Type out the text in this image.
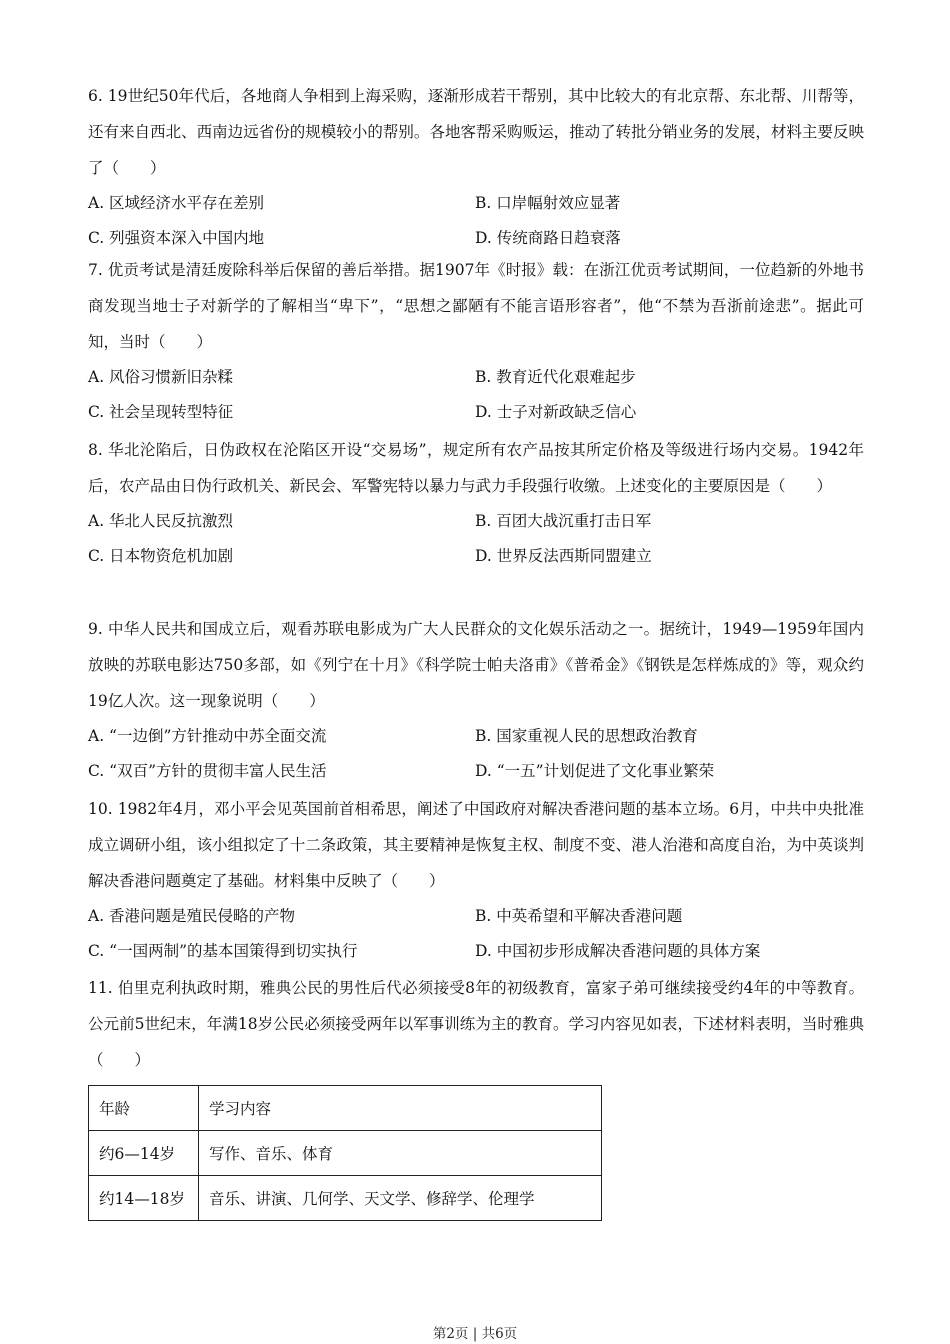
6. 19世纪50年代后，各地商人争相到上海采购，逐渐形成若干帮别，其中比较大的有北京帮、东北帮、川帮等，还有来自西北、西南边远省份的规模较小的帮别。各地客帮采购贩运，推动了转批分销业务的发展，材料主要反映了（　　）

A. 区域经济水平存在差别	B. 口岸幅射效应显著
C. 列强资本深入中国内地	D. 传统商路日趋衰落

7. 优贡考试是清廷废除科举后保留的善后举措。据1907年《时报》载：在浙江优贡考试期间，一位趋新的外地书商发现当地士子对新学的了解相当“卑下”，“思想之鄙陋有不能言语形容者”，他“不禁为吾浙前途悲”。据此可知，当时（　　）

A. 风俗习惯新旧杂糅	B. 教育近代化艰难起步
C. 社会呈现转型特征	D. 士子对新政缺乏信心

8. 华北沦陷后，日伪政权在沦陷区开设“交易场”，规定所有农产品按其所定价格及等级进行场内交易。1942年后，农产品由日伪行政机关、新民会、军警宪特以暴力与武力手段强行收缴。上述变化的主要原因是（　　）

A. 华北人民反抗激烈	B. 百团大战沉重打击日军
C. 日本物资危机加剧	D. 世界反法西斯同盟建立

9. 中华人民共和国成立后，观看苏联电影成为广大人民群众的文化娱乐活动之一。据统计，1949—1959年国内放映的苏联电影达750多部，如《列宁在十月》《科学院士帕夫洛甫》《普希金》《钢铁是怎样炼成的》等，观众约19亿人次。这一现象说明（　　）

A. “一边倒”方针推动中苏全面交流	B. 国家重视人民的思想政治教育
C. “双百”方针的贯彻丰富人民生活	D. “一五”计划促进了文化事业繁荣

10. 1982年4月，邓小平会见英国前首相希思，阐述了中国政府对解决香港问题的基本立场。6月，中共中央批准成立调研小组，该小组拟定了十二条政策，其主要精神是恢复主权、制度不变、港人治港和高度自治，为中英谈判解决香港问题奠定了基础。材料集中反映了（　　）

A. 香港问题是殖民侵略的产物	B. 中英希望和平解决香港问题
C. “一国两制”的基本国策得到切实执行	D. 中国初步形成解决香港问题的具体方案

11. 伯里克利执政时期，雅典公民的男性后代必须接受8年的初级教育，富家子弟可继续接受约4年的中等教育。公元前5世纪末，年满18岁公民必须接受两年以军事训练为主的教育。学习内容见如表，下述材料表明，当时雅典（　　）

年龄	学习内容
约6—14岁	写作、音乐、体育
约14—18岁	音乐、讲演、几何学、天文学、修辞学、伦理学
第2页 | 共6页
